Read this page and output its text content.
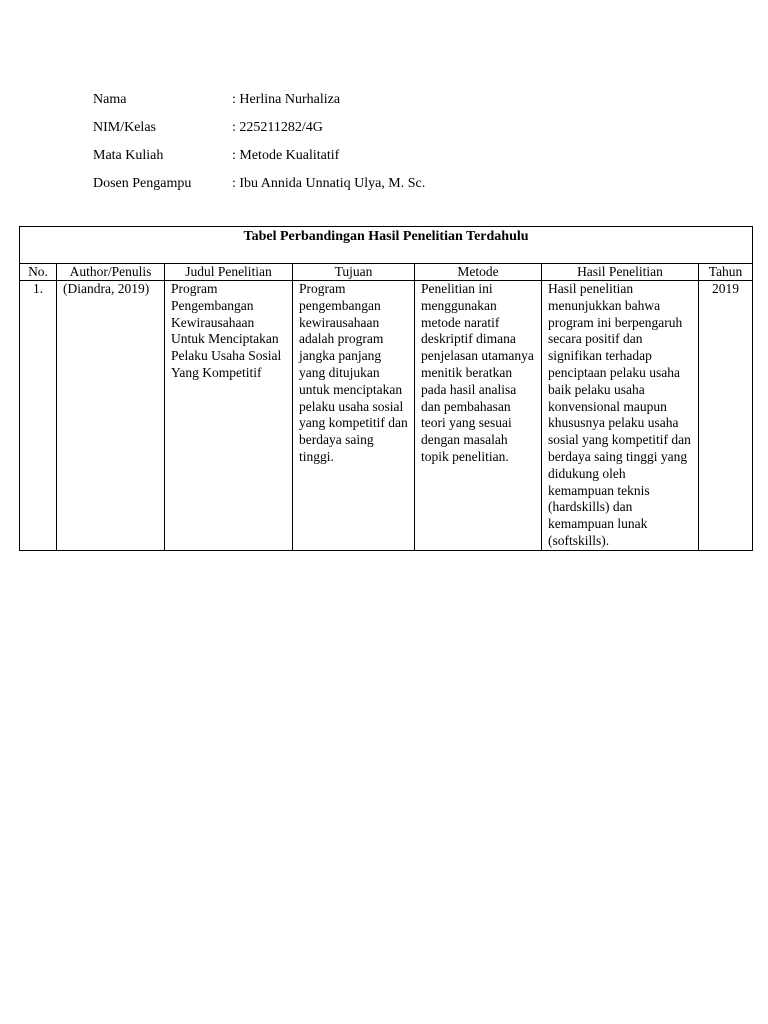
Nama	: Herlina Nurhaliza
NIM/Kelas	: 225211282/4G
Mata Kuliah	: Metode Kualitatif
Dosen Pengampu	: Ibu Annida Unnatiq Ulya, M. Sc.
Tabel Perbandingan Hasil Penelitian Terdahulu						
No.	Author/Penulis	Judul Penelitian	Tujuan	Metode	Hasil Penelitian	Tahun
1.	(Diandra, 2019)	Program Pengembangan Kewirausahaan Untuk Menciptakan Pelaku Usaha Sosial Yang Kompetitif	Program pengembangan kewirausahaan adalah program jangka panjang yang ditujukan untuk menciptakan pelaku usaha sosial yang kompetitif dan berdaya saing tinggi.	Penelitian ini menggunakan metode naratif deskriptif dimana penjelasan utamanya menitik beratkan pada hasil analisa dan pembahasan teori yang sesuai dengan masalah topik penelitian.	Hasil penelitian menunjukkan bahwa program ini berpengaruh secara positif dan signifikan terhadap penciptaan pelaku usaha baik pelaku usaha konvensional maupun khususnya pelaku usaha sosial yang kompetitif dan berdaya saing tinggi yang didukung oleh kemampuan teknis (hardskills) dan kemampuan lunak (softskills).	2019
